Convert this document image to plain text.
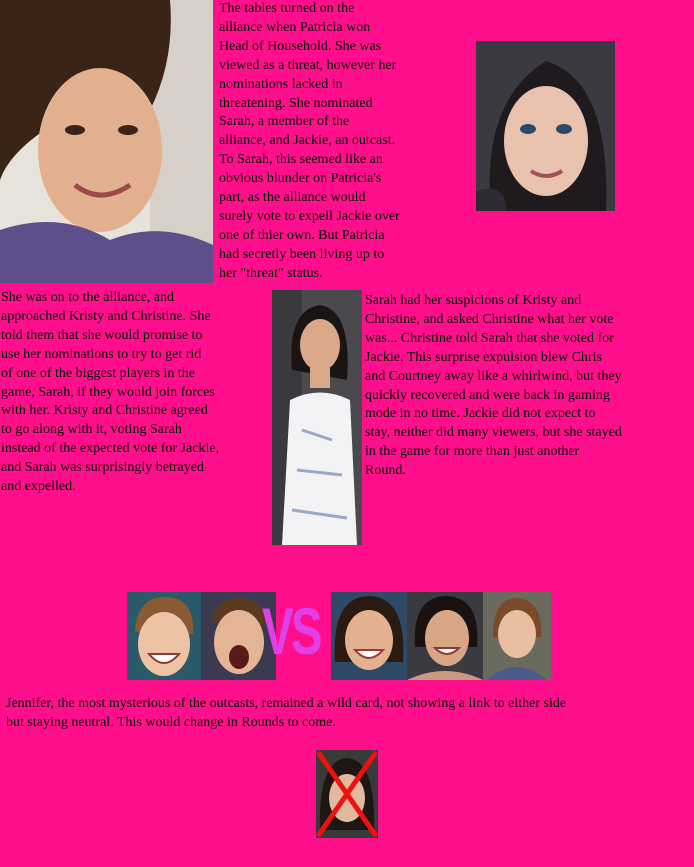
The tables turned on the
alliance when Patricia won
Head of Household. She was
viewed as a threat, however her
nominations lacked in
threatening. She nominated
Sarah, a member of the
alliance, and Jackie, an outcast.
To Sarah, this seemed like an
obvious blunder on Patricia's
part, as the alliance would
surely vote to expell Jackie over
one of thier own. But Patricia
had secretly been living up to
her "threat" status.

She was on to the alliance, and
approached Kristy and Christine. She
told them that she would promise to
use her nominations to try to get rid
of one of the biggest players in the
game, Sarah, if they would join forces
with her. Kristy and Christine agreed
to go along with it, voting Sarah
instead of the expected vote for Jackie,
and Sarah was surprisingly betrayed
and expelled.

Sarah had her suspicions of Kristy and
Christine, and asked Christine what her vote
was... Christine told Sarah that she voted for
Jackie. This surprise expulsion blew Chris
and Courtney away like a whirlwind, but they
quickly recovered and were back in gaming
mode in no time. Jackie did not expect to
stay, neither did many viewers, but she stayed
in the game for more than just another
Round.

VS

Jennifer, the most mysterious of the outcasts, remained a wild card, not showing a link to either side
but staying neutral. This would change in Rounds to come.
